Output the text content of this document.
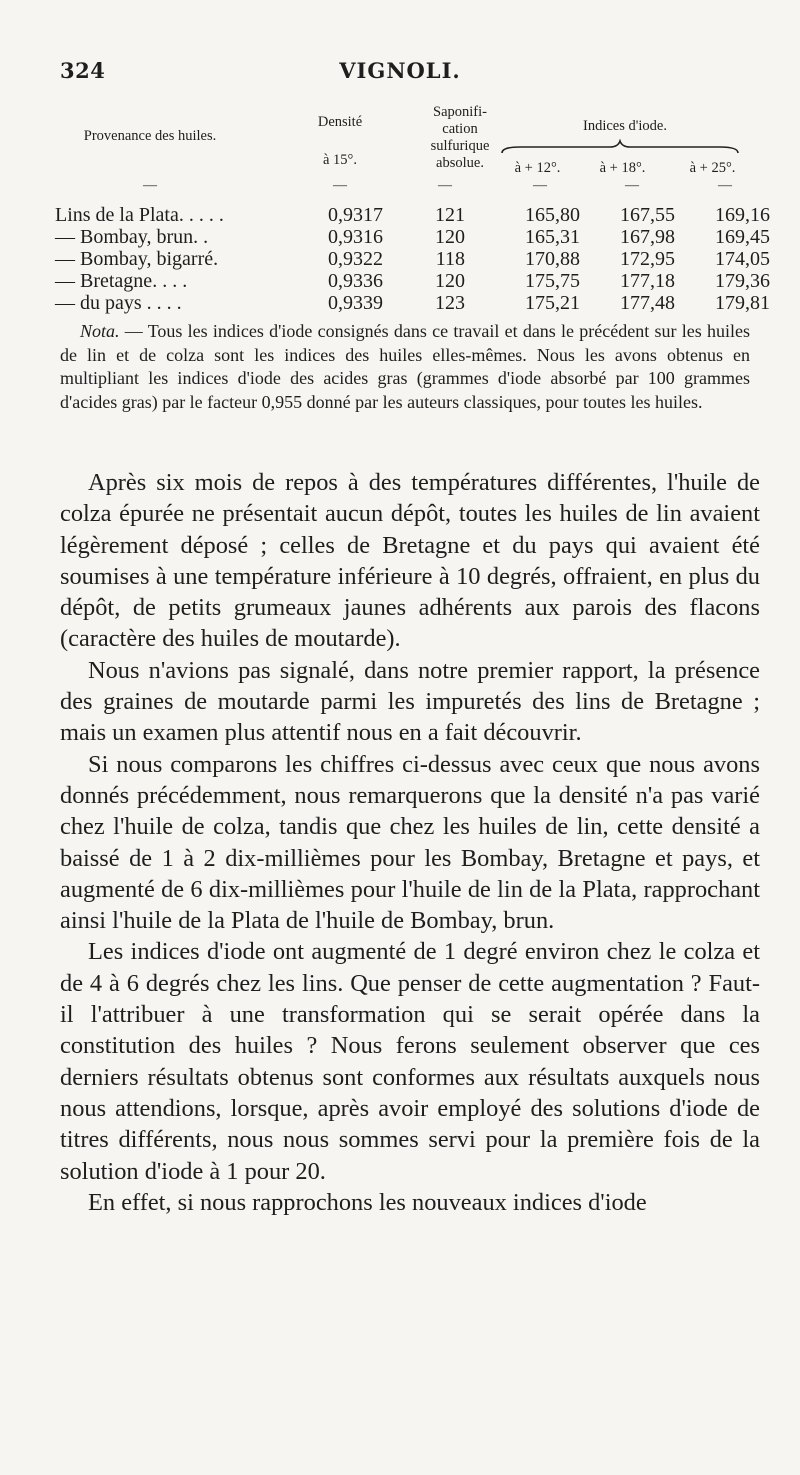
324	VIGNOLI.
Provenance des huiles.
Densité
à 15°.
Saponifi-
cation
sulfurique
absolue.
Indices d'iode.
à + 12°.	à + 18°.	à + 25°.
—	—	—	—	—	—
Lins de la Plata. . . . .	0,9317	121	165,80	167,55	169,16
— Bombay, brun. .	0,9316	120	165,31	167,98	169,45
— Bombay, bigarré.	0,9322	118	170,88	172,95	174,05
— Bretagne. . . .	0,9336	120	175,75	177,18	179,36
— du pays . . . .	0,9339	123	175,21	177,48	179,81
Nota. — Tous les indices d'iode consignés dans ce travail et dans le précédent sur les huiles de lin et de colza sont les indices des huiles elles-mêmes. Nous les avons obtenus en multipliant les indices d'iode des acides gras (grammes d'iode absorbé par 100 grammes d'acides gras) par le facteur 0,955 donné par les auteurs classiques, pour toutes les huiles.

Après six mois de repos à des températures différentes, l'huile de colza épurée ne présentait aucun dépôt, toutes les huiles de lin avaient légèrement déposé ; celles de Bretagne et du pays qui avaient été soumises à une température inférieure à 10 degrés, offraient, en plus du dépôt, de petits grumeaux jaunes adhérents aux parois des flacons (caractère des huiles de moutarde).

Nous n'avions pas signalé, dans notre premier rapport, la présence des graines de moutarde parmi les impuretés des lins de Bretagne ; mais un examen plus attentif nous en a fait découvrir.

Si nous comparons les chiffres ci-dessus avec ceux que nous avons donnés précédemment, nous remarquerons que la densité n'a pas varié chez l'huile de colza, tandis que chez les huiles de lin, cette densité a baissé de 1 à 2 dix-millièmes pour les Bombay, Bretagne et pays, et augmenté de 6 dix-millièmes pour l'huile de lin de la Plata, rapprochant ainsi l'huile de la Plata de l'huile de Bombay, brun.

Les indices d'iode ont augmenté de 1 degré environ chez le colza et de 4 à 6 degrés chez les lins. Que penser de cette augmentation ? Faut-il l'attribuer à une transformation qui se serait opérée dans la constitution des huiles ? Nous ferons seulement observer que ces derniers résultats obtenus sont conformes aux résultats auxquels nous nous attendions, lorsque, après avoir employé des solutions d'iode de titres différents, nous nous sommes servi pour la première fois de la solution d'iode à 1 pour 20.

En effet, si nous rapprochons les nouveaux indices d'iode
